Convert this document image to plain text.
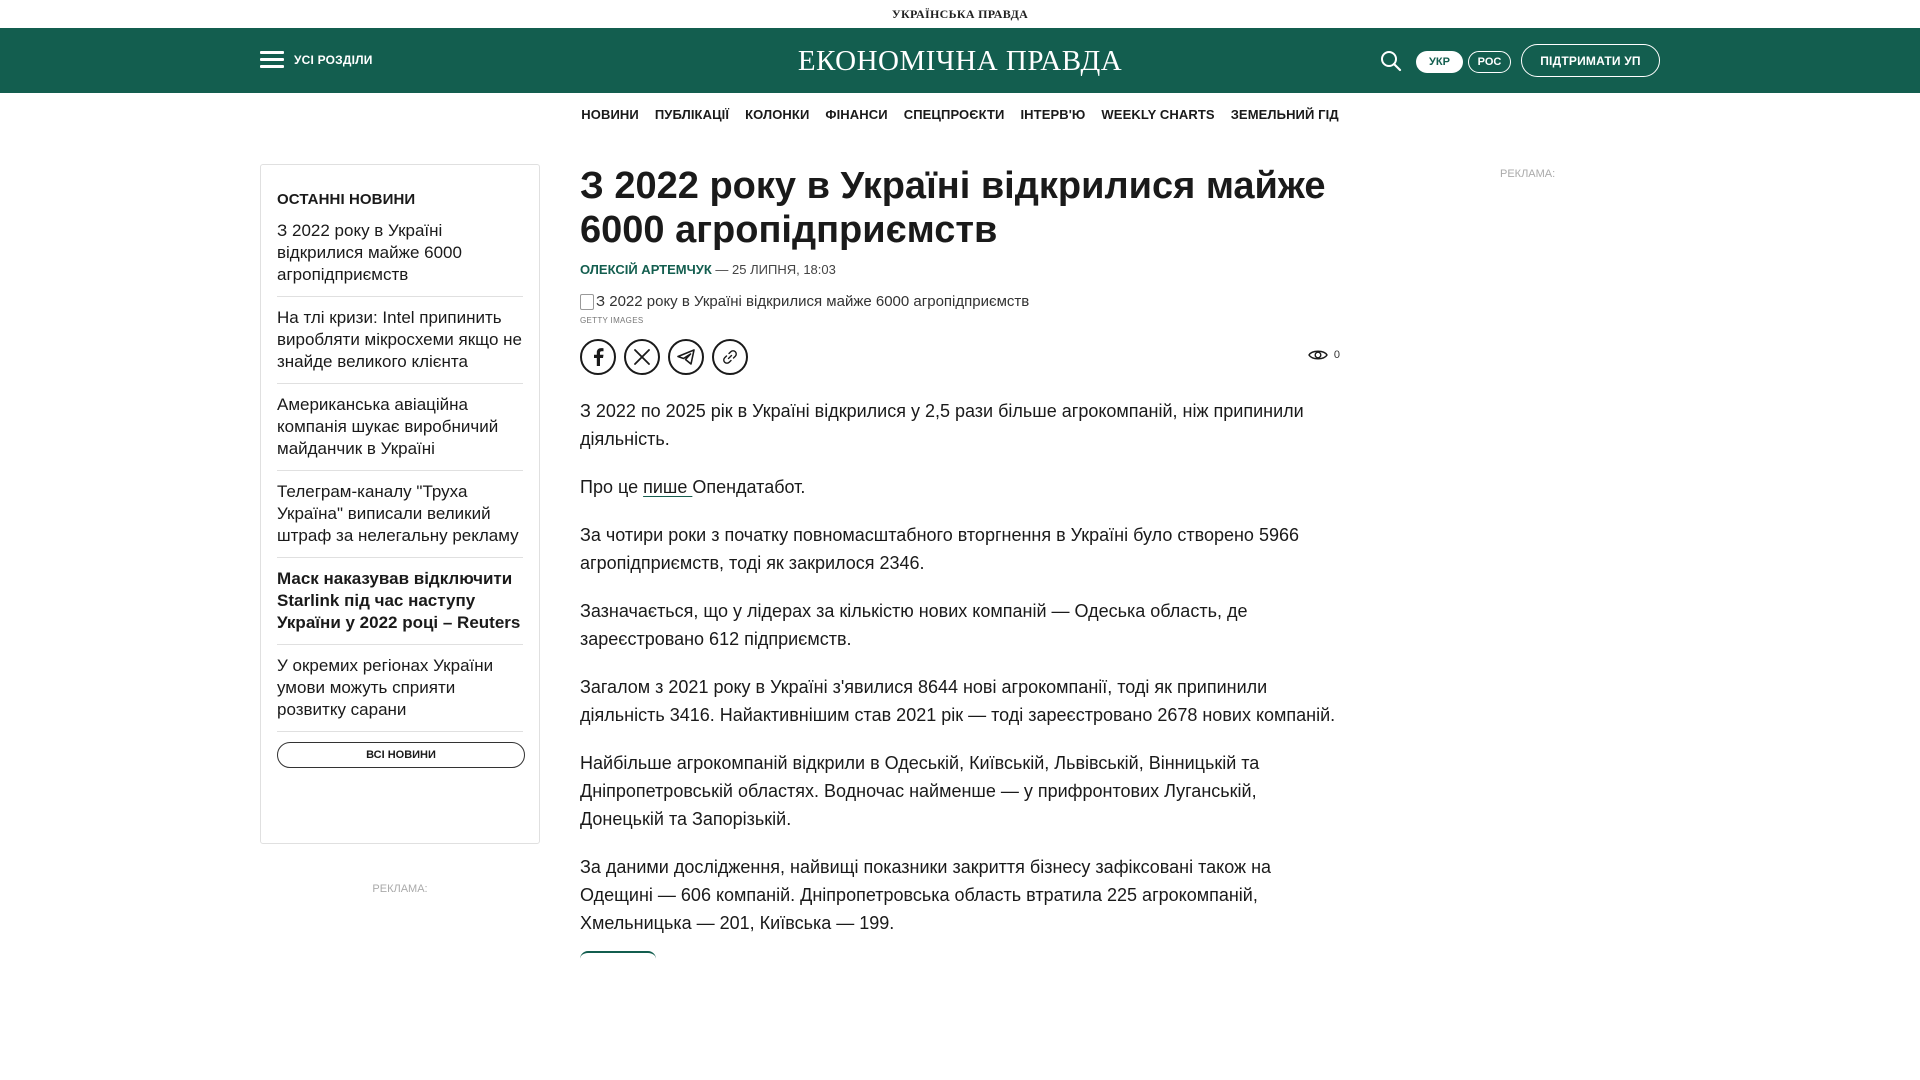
УКРАЇНСЬКА ПРАВДА
УСІ РОЗДІЛИ	ЕКОНОМІЧНА ПРАВДА	УКР	РОС	ПІДТРИМАТИ УП
НОВИНИ ПУБЛІКАЦІЇ КОЛОНКИ ФІНАНСИ СПЕЦПРОЄКТИ ІНТЕРВ'Ю WEEKLY CHARTS ЗЕМЕЛЬНИЙ ГІД
ОСТАННІ НОВИНИ
З 2022 року в Україні відкрилися майже 6000 агропідприємств
На тлі кризи: Intel припинить виробляти мікросхеми якщо не знайде великого клієнта
Американська авіаційна компанія шукає виробничий майданчик в Україні
Телеграм-каналу "Труха Україна" виписали великий штраф за нелегальну рекламу
Маск наказував відключити Starlink під час наступу України у 2022 році – Reuters
У окремих регіонах України умови можуть сприяти розвитку сарани
ВСІ НОВИНИ
РЕКЛАМА:
РЕКЛАМА:
З 2022 року в Україні відкрилися майже 6000 агропідприємств
ОЛЕКСІЙ АРТЕМЧУК — 25 ЛИПНЯ, 18:03
З 2022 року в Україні відкрилися майже 6000 агропідприємств
GETTY IMAGES
0

З 2022 по 2025 рік в Україні відкрилися у 2,5 рази більше агрокомпаній, ніж припинили діяльність.

Про це пише Опендатабот.

За чотири роки з початку повномасштабного вторгнення в Україні було створено 5966 агропідприємств, тоді як закрилося 2346.

Зазначається, що у лідерах за кількістю нових компаній — Одеська область, де зареєстровано 612 підприємств.

Загалом з 2021 року в Україні з'явилися 8644 нові агрокомпанії, тоді як припинили діяльність 3416. Найактивнішим став 2021 рік — тоді зареєстровано 2678 нових компаній.

Найбільше агрокомпаній відкрили в Одеській, Київській, Львівській, Вінницькій та Дніпропетровській областях. Водночас найменше — у прифронтових Луганській, Донецькій та Запорізькій.

За даними дослідження, найвищі показники закриття бізнесу зафіксовані також на Одещині — 606 компаній. Дніпропетровська область втратила 225 агрокомпаній, Хмельницька — 201, Київська — 199.
